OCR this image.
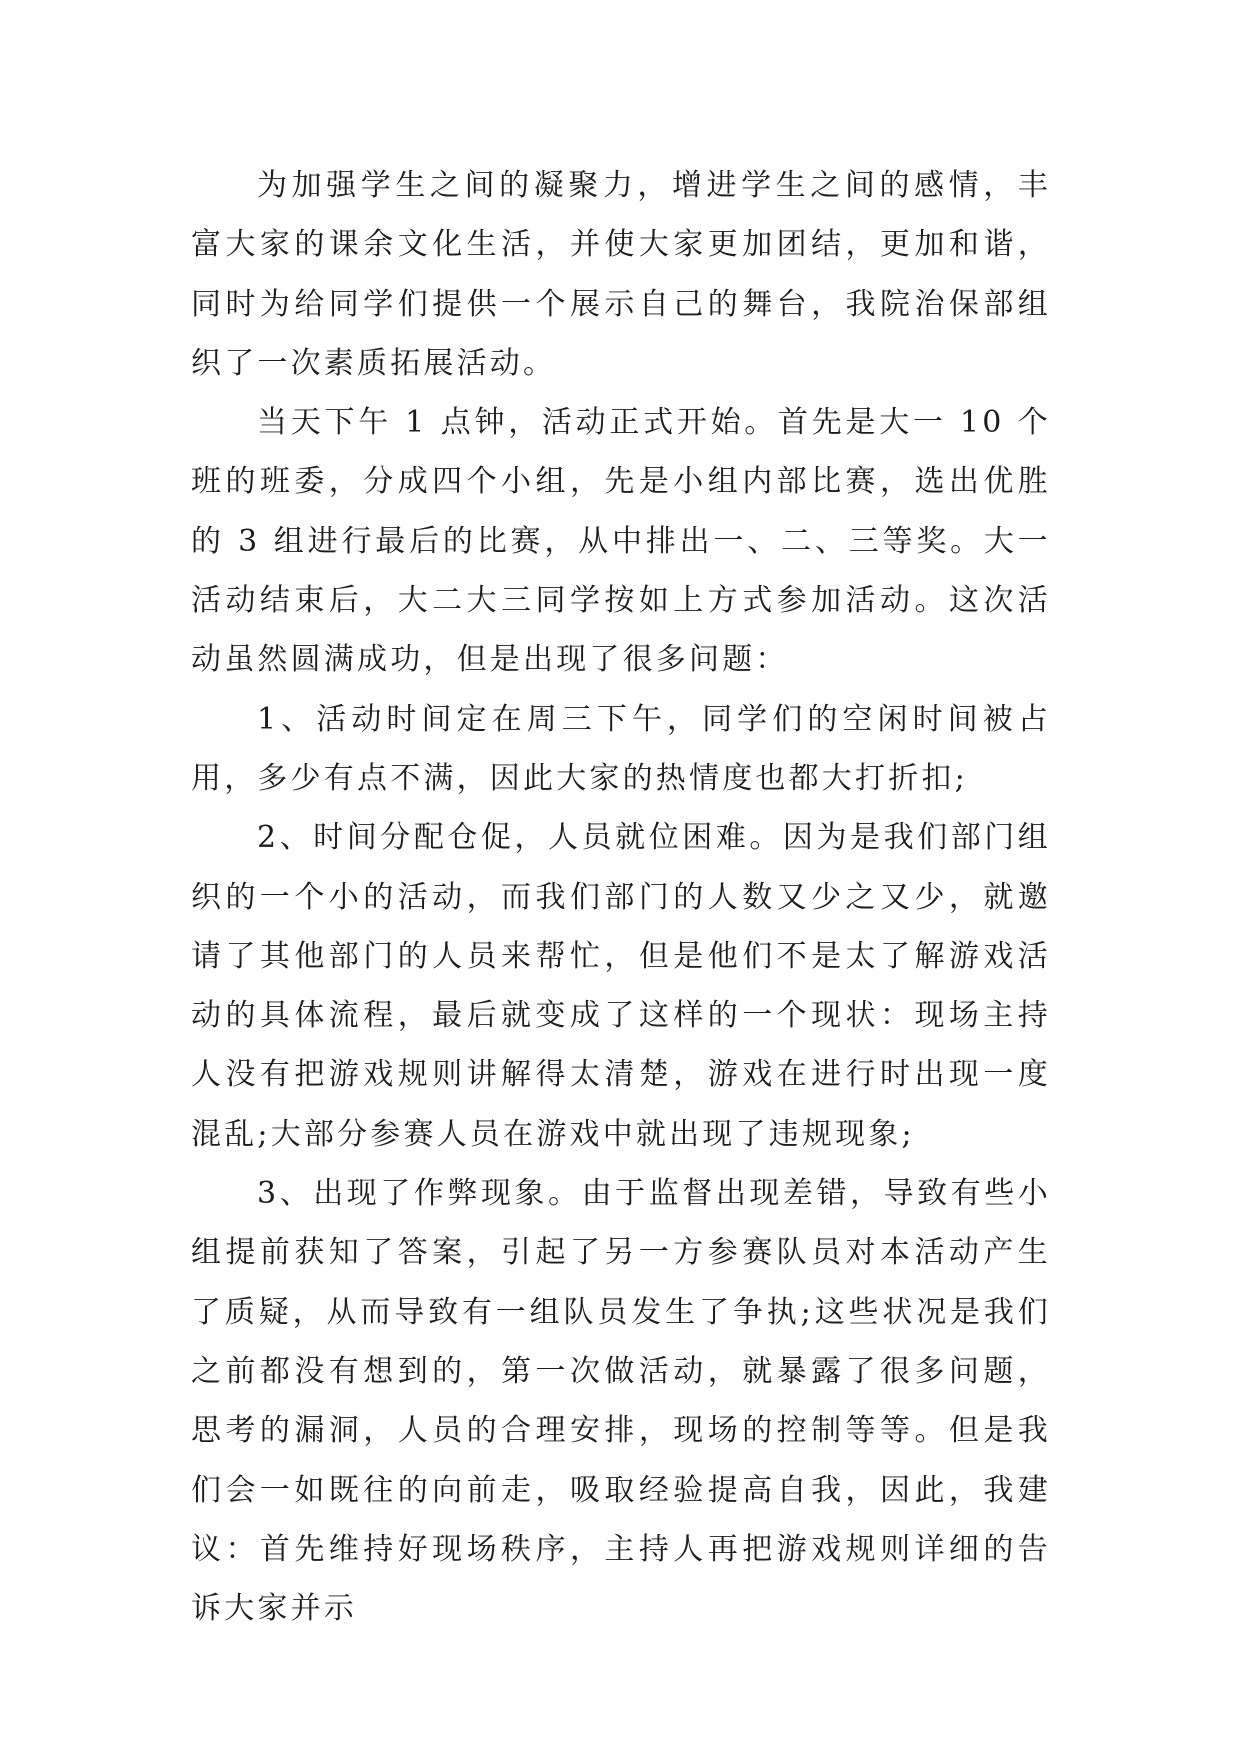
为加强学生之间的凝聚力，增进学生之间的感情，丰富大家的课余文化生活，并使大家更加团结，更加和谐，同时为给同学们提供一个展示自己的舞台，我院治保部组织了一次素质拓展活动。

当天下午 1 点钟，活动正式开始。首先是大一 10 个班的班委，分成四个小组，先是小组内部比赛，选出优胜的 3 组进行最后的比赛，从中排出一、二、三等奖。大一活动结束后，大二大三同学按如上方式参加活动。这次活动虽然圆满成功，但是出现了很多问题：

1、活动时间定在周三下午，同学们的空闲时间被占用，多少有点不满，因此大家的热情度也都大打折扣;

2、时间分配仓促，人员就位困难。因为是我们部门组织的一个小的活动，而我们部门的人数又少之又少，就邀请了其他部门的人员来帮忙，但是他们不是太了解游戏活动的具体流程，最后就变成了这样的一个现状：现场主持人没有把游戏规则讲解得太清楚，游戏在进行时出现一度混乱;大部分参赛人员在游戏中就出现了违规现象;

3、出现了作弊现象。由于监督出现差错，导致有些小组提前获知了答案，引起了另一方参赛队员对本活动产生了质疑，从而导致有一组队员发生了争执;这些状况是我们之前都没有想到的，第一次做活动，就暴露了很多问题，思考的漏洞，人员的合理安排，现场的控制等等。但是我们会一如既往的向前走，吸取经验提高自我，因此，我建议：首先维持好现场秩序，主持人再把游戏规则详细的告诉大家并示
